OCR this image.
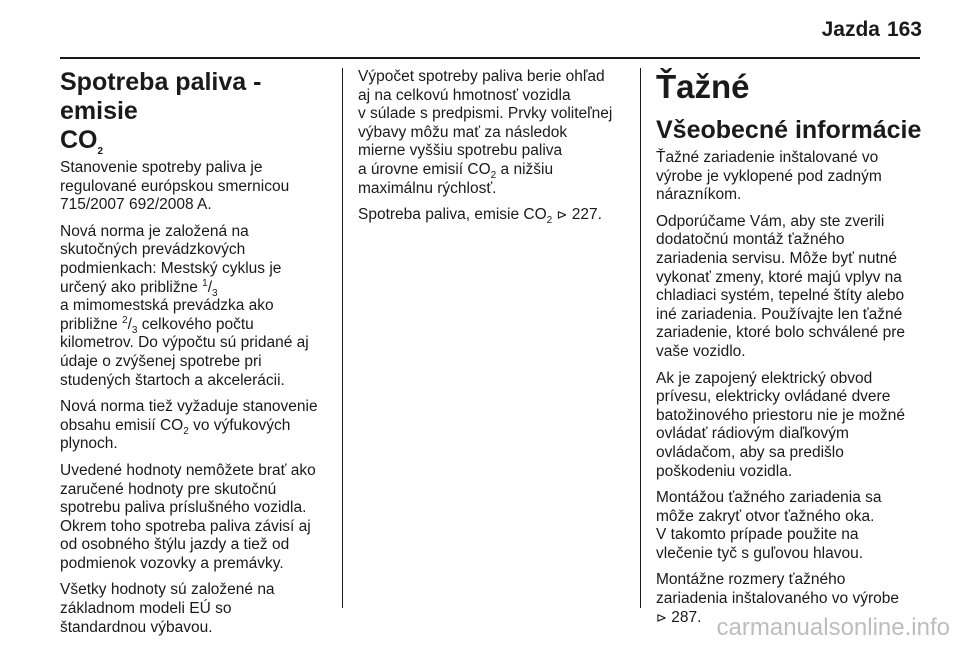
Jazda 163
Spotreba paliva - emisie
$CO_2$

Stanovenie spotreby paliva je
regulované európskou smernicou
715/2007 692/2008 A.

Nová norma je založená na
skutočných prevádzkových
podmienkach: Mestský cyklus je
určený ako približne $^1/_3$
a mimomestská prevádzka ako
približne $^2/_3$ celkového počtu
kilometrov. Do výpočtu sú pridané aj
údaje o zvýšenej spotrebe pri
studených štartoch a akcelerácii.

Nová norma tiež vyžaduje stanovenie
obsahu emisií $CO_2$ vo výfukových
plynoch.

Uvedené hodnoty nemôžete brať ako
zaručené hodnoty pre skutočnú
spotrebu paliva príslušného vozidla.
Okrem toho spotreba paliva závisí aj
od osobného štýlu jazdy a tiež od
podmienok vozovky a premávky.

Všetky hodnoty sú založené na
základnom modeli EÚ so
štandardnou výbavou.

Výpočet spotreby paliva berie ohľad
aj na celkovú hmotnosť vozidla
v súlade s predpismi. Prvky voliteľnej
výbavy môžu mať za následok
mierne vyššiu spotrebu paliva
a úrovne emisií $CO_2$ a nižšiu
maximálnu rýchlosť.

Spotreba paliva, emisie $CO_2$ ⊳ 227.

Ťažné
Všeobecné informácie

Ťažné zariadenie inštalované vo
výrobe je vyklopené pod zadným
nárazníkom.

Odporúčame Vám, aby ste zverili
dodatočnú montáž ťažného
zariadenia servisu. Môže byť nutné
vykonať zmeny, ktoré majú vplyv na
chladiaci systém, tepelné štíty alebo
iné zariadenia. Používajte len ťažné
zariadenie, ktoré bolo schválené pre
vaše vozidlo.

Ak je zapojený elektrický obvod
prívesu, elektricky ovládané dvere
batožinového priestoru nie je možné
ovládať rádiovým diaľkovým
ovládačom, aby sa predišlo
poškodeniu vozidla.

Montážou ťažného zariadenia sa
môže zakryť otvor ťažného oka.
V takomto prípade použite na
vlečenie tyč s guľovou hlavou.

Montážne rozmery ťažného
zariadenia inštalovaného vo výrobe
⊳ 287. carmanualsonline.info
